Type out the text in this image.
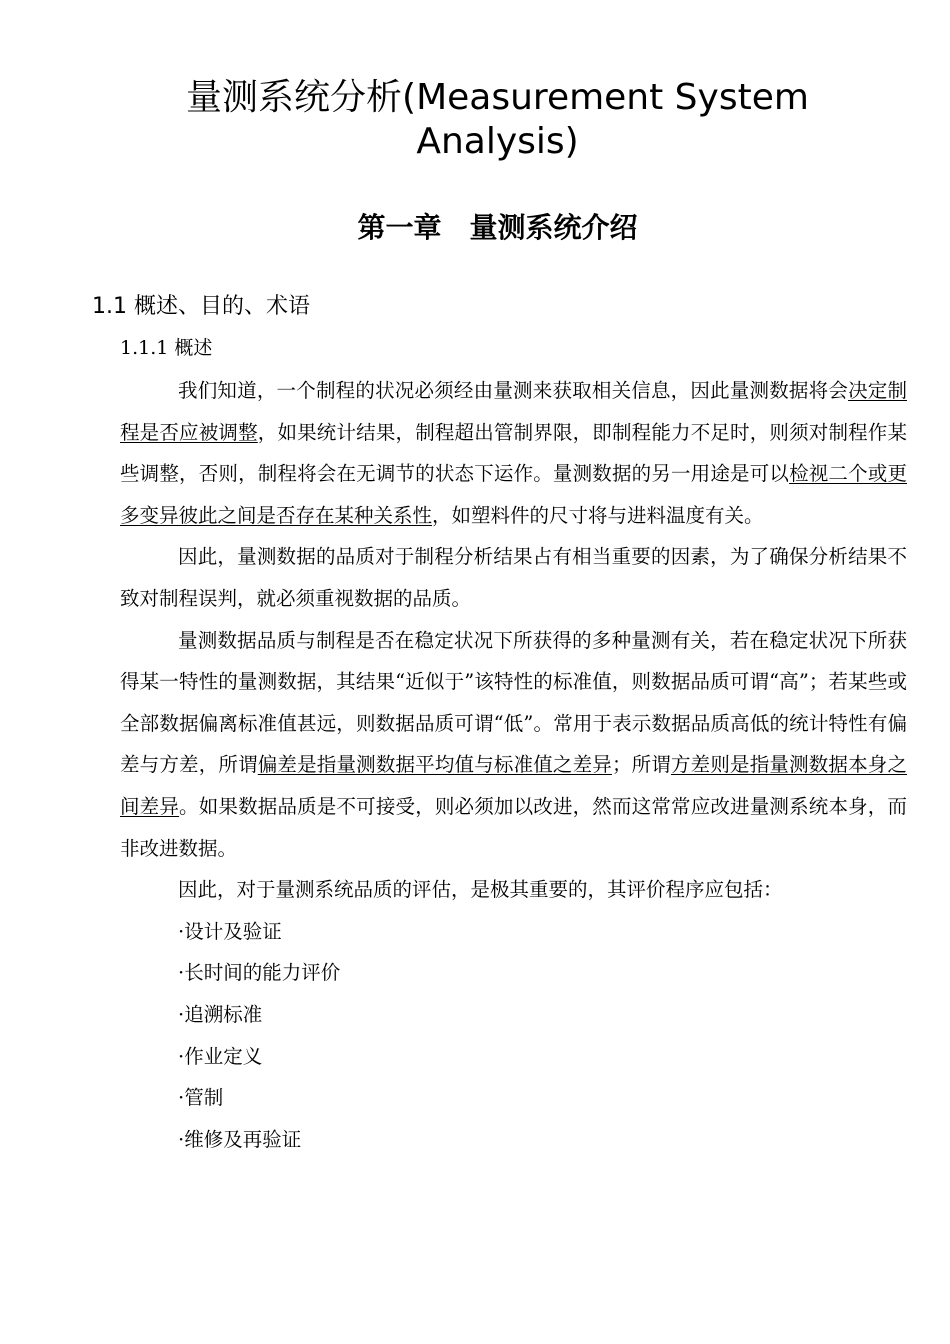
量测系统分析(Measurement System Analysis)
第一章　量测系统介绍
1.1 概述、目的、术语
1.1.1 概述

我们知道，一个制程的状况必须经由量测来获取相关信息，因此量测数据将会决定制程是否应被调整，如果统计结果，制程超出管制界限，即制程能力不足时，则须对制程作某些调整，否则，制程将会在无调节的状态下运作。量测数据的另一用途是可以检视二个或更多变异彼此之间是否存在某种关系性，如塑料件的尺寸将与进料温度有关。

因此，量测数据的品质对于制程分析结果占有相当重要的因素，为了确保分析结果不致对制程误判，就必须重视数据的品质。

量测数据品质与制程是否在稳定状况下所获得的多种量测有关，若在稳定状况下所获得某一特性的量测数据，其结果“近似于”该特性的标准值，则数据品质可谓“高”；若某些或全部数据偏离标准值甚远，则数据品质可谓“低”。常用于表示数据品质高低的统计特性有偏差与方差，所谓偏差是指量测数据平均值与标准值之差异；所谓方差则是指量测数据本身之间差异。如果数据品质是不可接受，则必须加以改进，然而这常常应改进量测系统本身，而非改进数据。

因此，对于量测系统品质的评估，是极其重要的，其评价程序应包括：

·设计及验证

·长时间的能力评价

·追溯标准

·作业定义

·管制

·维修及再验证
